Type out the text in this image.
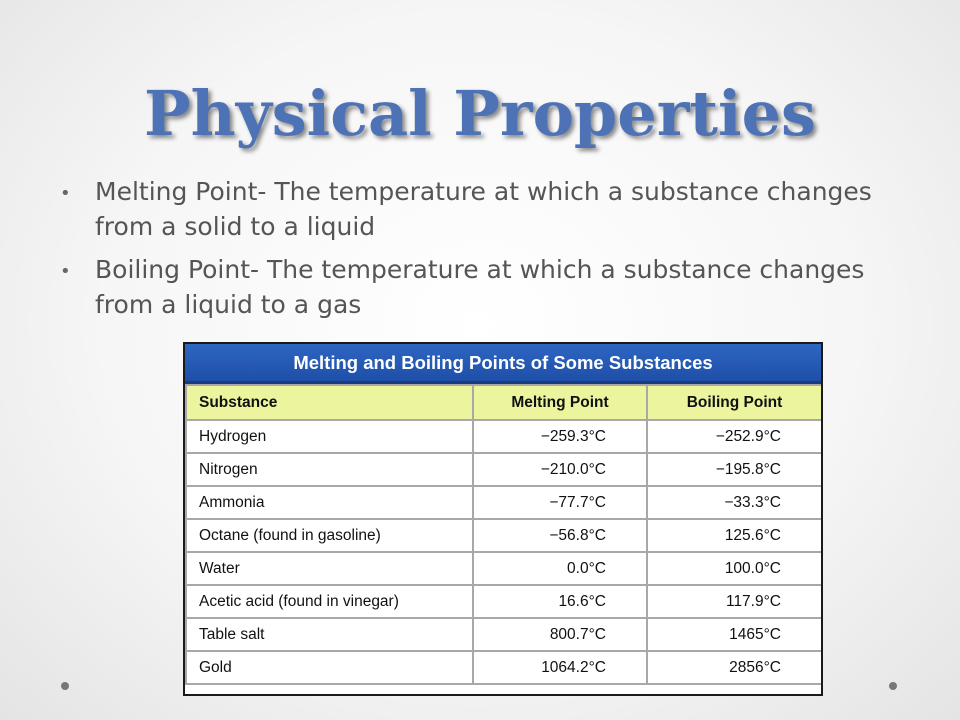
Physical Properties
• Melting Point- The temperature at which a substance changes from a solid to a liquid
• Boiling Point- The temperature at which a substance changes from a liquid to a gas
Melting and Boiling Points of Some Substances
Substance	Melting Point	Boiling Point
Hydrogen	−259.3°C	−252.9°C
Nitrogen	−210.0°C	−195.8°C
Ammonia	−77.7°C	−33.3°C
Octane (found in gasoline)	−56.8°C	125.6°C
Water	0.0°C	100.0°C
Acetic acid (found in vinegar)	16.6°C	117.9°C
Table salt	800.7°C	1465°C
Gold	1064.2°C	2856°C
